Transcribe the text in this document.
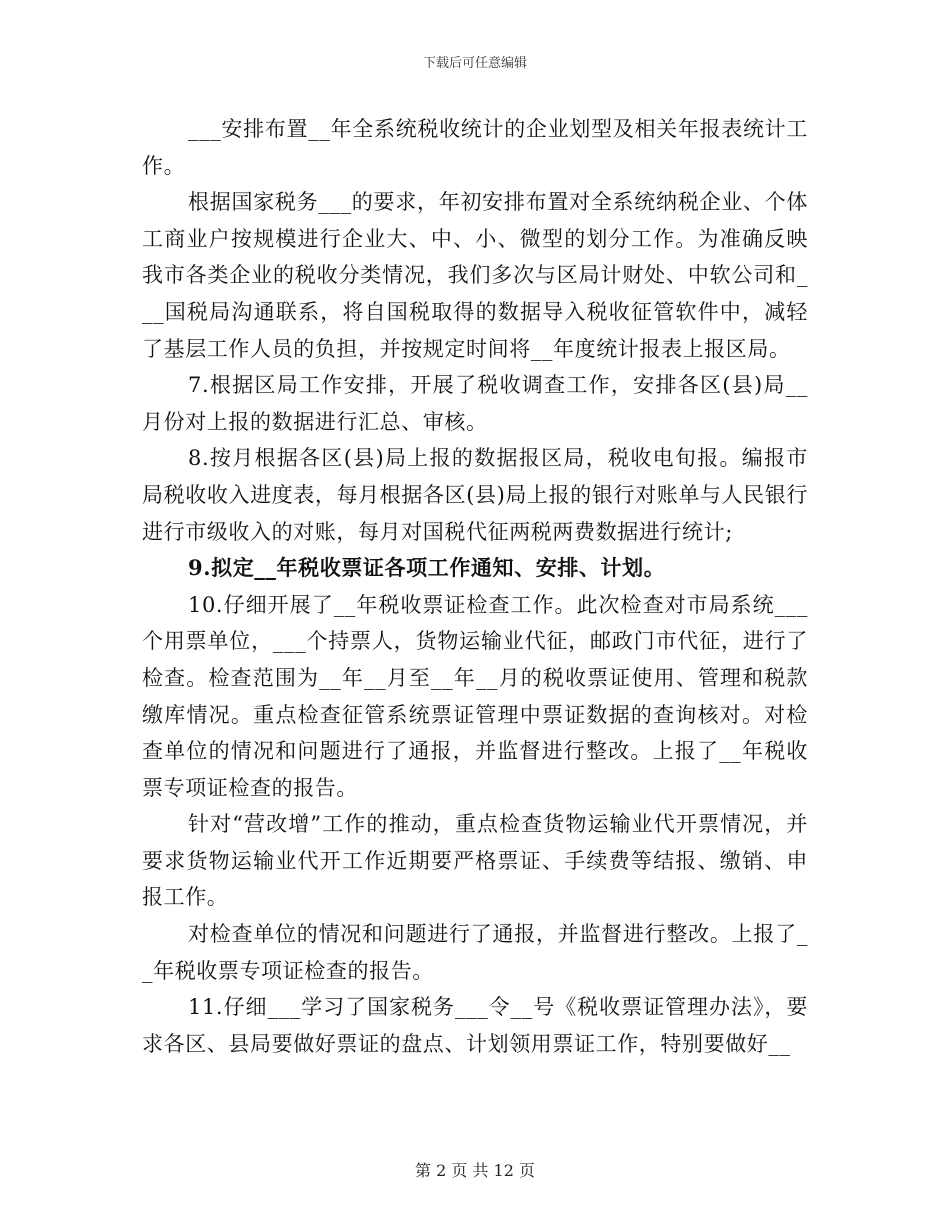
下载后可任意编辑

___安排布置__年全系统税收统计的企业划型及相关年报表统计工作。

根据国家税务___的要求，年初安排布置对全系统纳税企业、个体工商业户按规模进行企业大、中、小、微型的划分工作。为准确反映我市各类企业的税收分类情况，我们多次与区局计财处、中软公司和___国税局沟通联系，将自国税取得的数据导入税收征管软件中，减轻了基层工作人员的负担，并按规定时间将__年度统计报表上报区局。

7.根据区局工作安排，开展了税收调查工作，安排各区(县)局__月份对上报的数据进行汇总、审核。

8.按月根据各区(县)局上报的数据报区局，税收电旬报。编报市局税收收入进度表，每月根据各区(县)局上报的银行对账单与人民银行进行市级收入的对账，每月对国税代征两税两费数据进行统计;

9.拟定__年税收票证各项工作通知、安排、计划。

10.仔细开展了__年税收票证检查工作。此次检查对市局系统___个用票单位，___个持票人，货物运输业代征，邮政门市代征，进行了检查。检查范围为__年__月至__年__月的税收票证使用、管理和税款缴库情况。重点检查征管系统票证管理中票证数据的查询核对。对检查单位的情况和问题进行了通报，并监督进行整改。上报了__年税收票专项证检查的报告。

针对“营改增”工作的推动，重点检查货物运输业代开票情况，并要求货物运输业代开工作近期要严格票证、手续费等结报、缴销、申报工作。

对检查单位的情况和问题进行了通报，并监督进行整改。上报了__年税收票专项证检查的报告。

11.仔细___学习了国家税务___令__号《税收票证管理办法》，要求各区、县局要做好票证的盘点、计划领用票证工作，特别要做好__

第 2 页 共 12 页
